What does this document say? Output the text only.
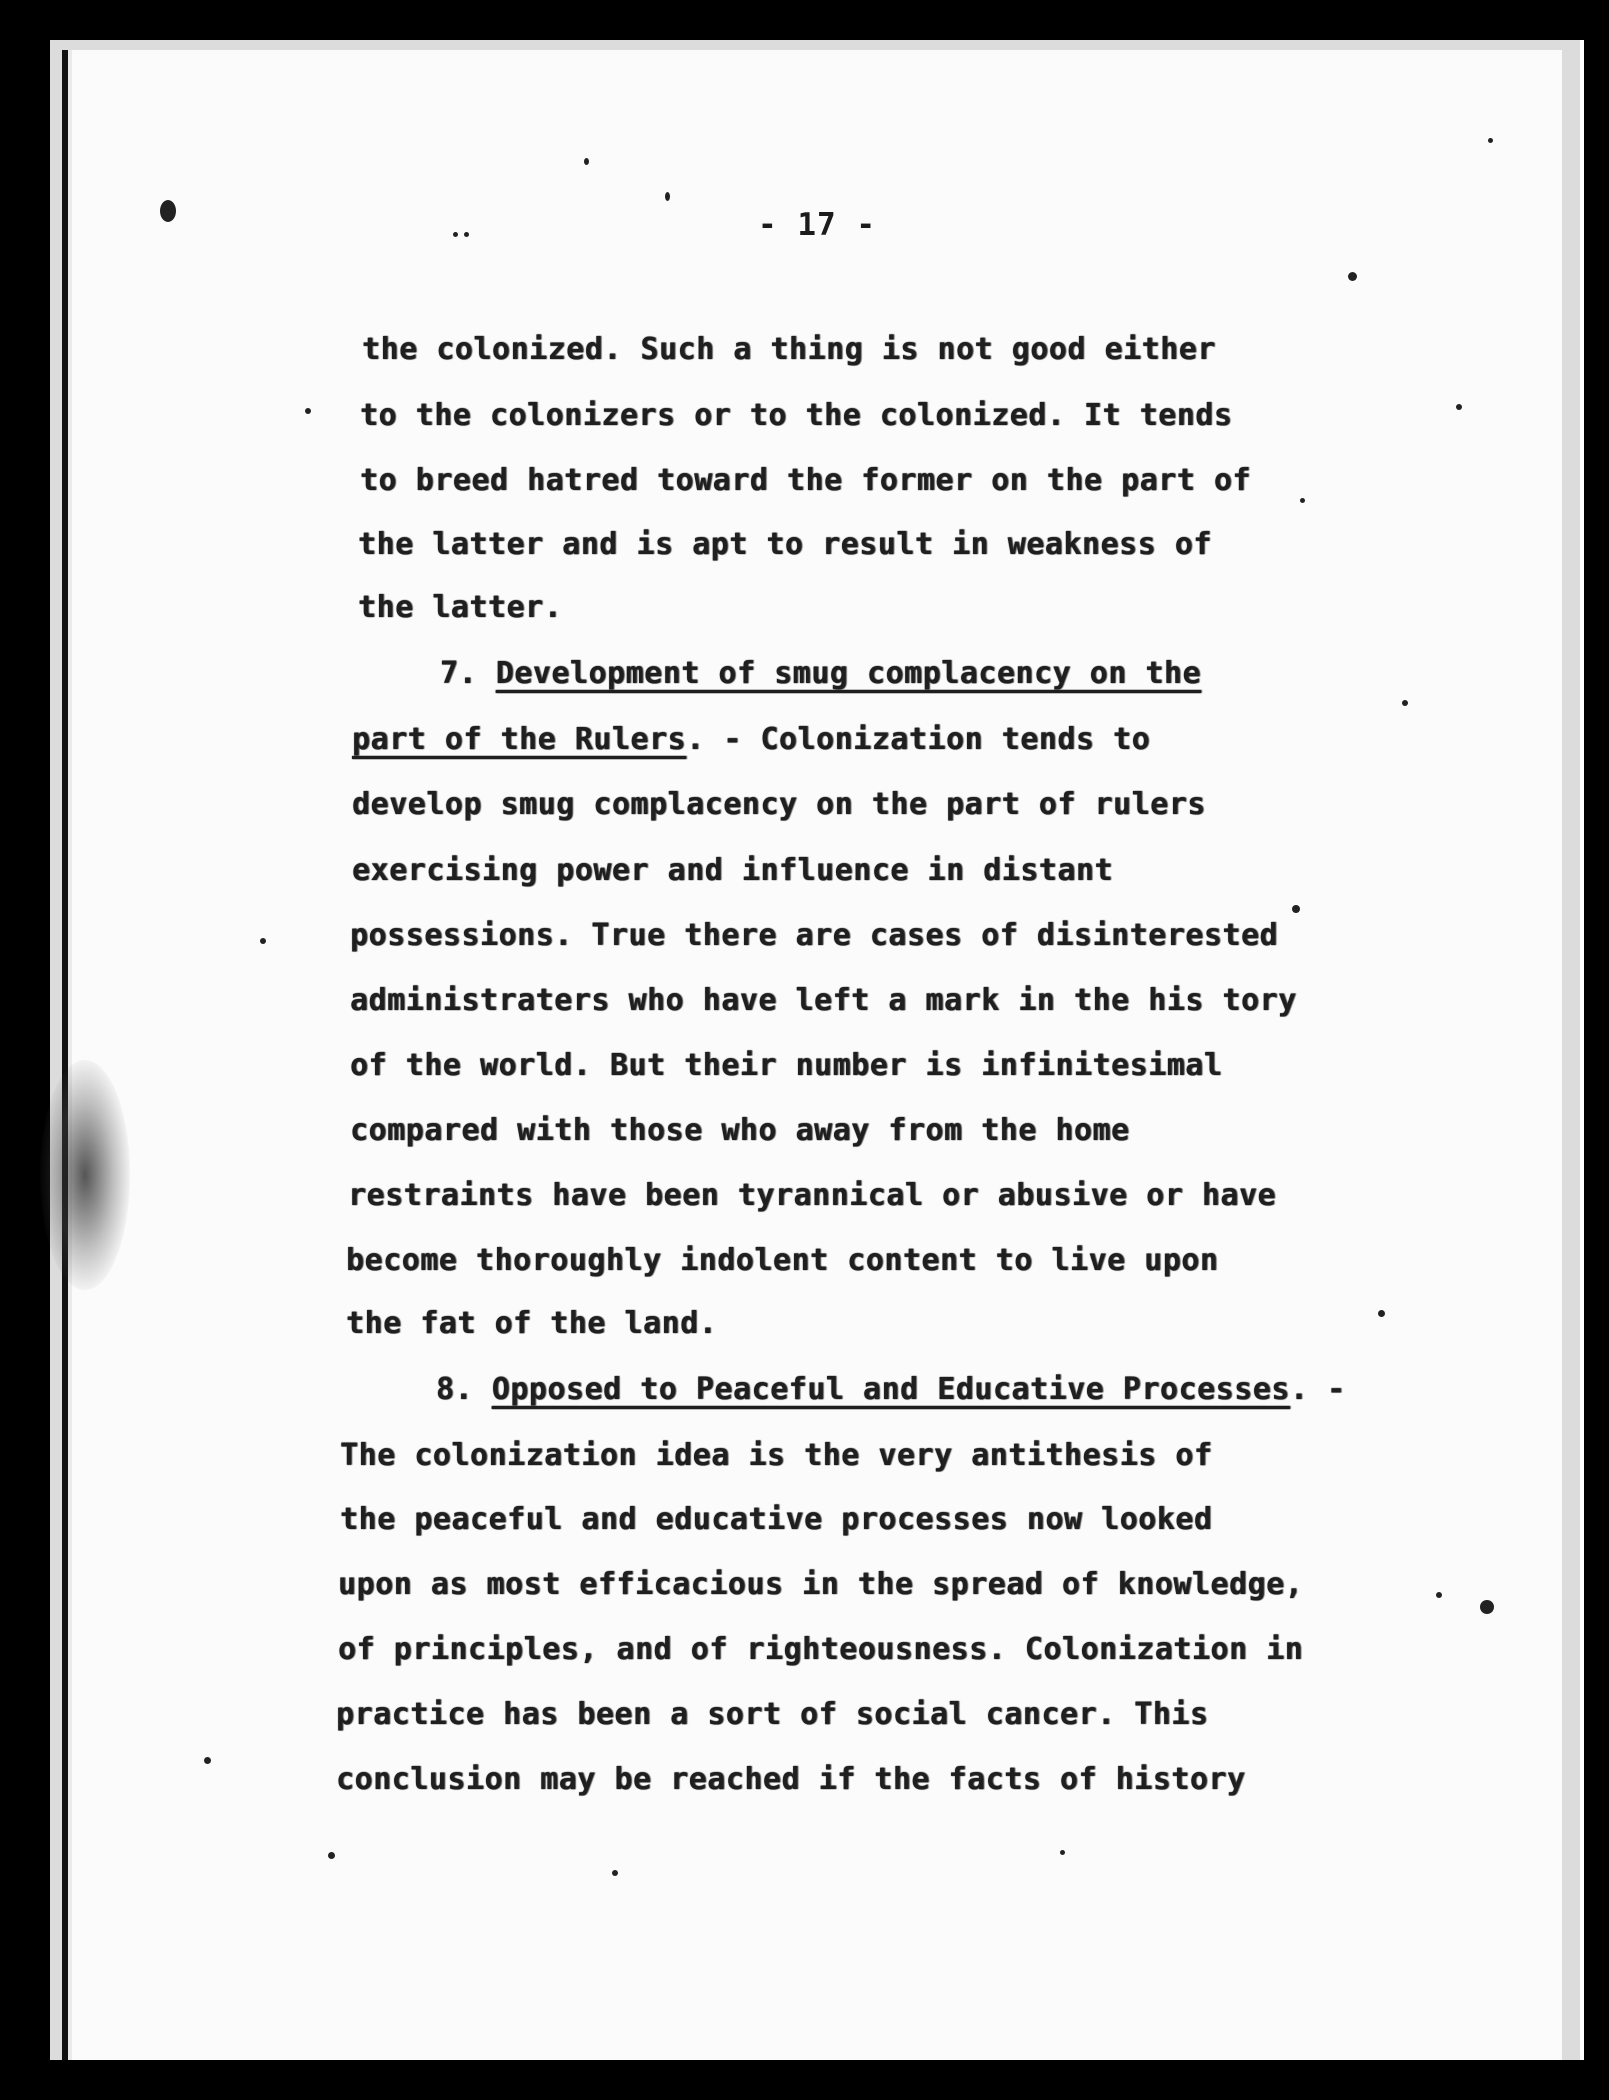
- 17 -

the colonized. Such a thing is not good either

to the colonizers or to the colonized. It tends

to breed hatred toward the former on the part of

the latter and is apt to result in weakness of

the latter.

7. Development of smug complacency on the

part of the Rulers. - Colonization tends to

develop smug complacency on the part of rulers

exercising power and influence in distant

possessions. True there are cases of disinterested

administraters who have left a mark in the his tory

of the world. But their number is infinitesimal

compared with those who away from the home

restraints have been tyrannical or abusive or have

become thoroughly indolent content to live upon

the fat of the land.

8. Opposed to Peaceful and Educative Processes. -

The colonization idea is the very antithesis of

the peaceful and educative processes now looked

upon as most efficacious in the spread of knowledge,

of principles, and of righteousness. Colonization in

practice has been a sort of social cancer. This

conclusion may be reached if the facts of history
